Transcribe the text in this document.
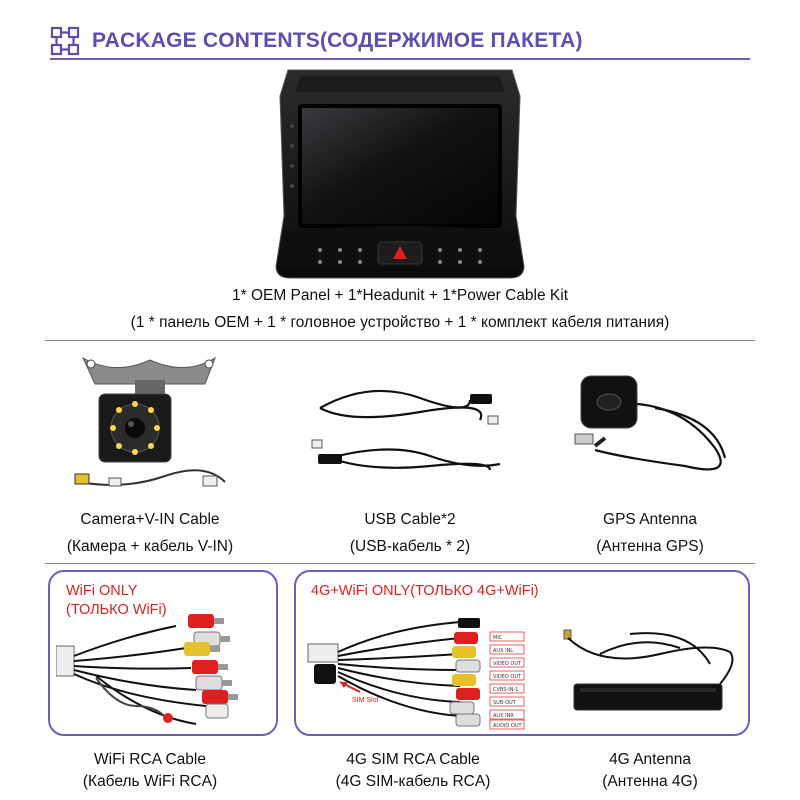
PACKAGE CONTENTS(СОДЕРЖИМОЕ ПАКЕТА)
1* OEM Panel + 1*Headunit + 1*Power Cable Kit
(1 * панель OEM + 1 * головное устройство + 1 * комплект кабеля питания)
Camera+V-IN Cable
(Камера + кабель V-IN)
USB Cable*2
(USB-кабель * 2)
GPS Antenna
(Антенна GPS)
WiFi ONLY
(ТОЛЬКО WiFi)
WiFi RCA Cable
(Кабель WiFi RCA)
4G+WiFi ONLY(ТОЛЬКО 4G+WiFi)
SIM Slot
MIC
AUX INL
VIDEO OUT
VIDEO OUT
CVBS-IN-1
SUB-OUT
AUX INR
AUDIO OUT
4G SIM RCA Cable
(4G SIM-кабель RCA)
4G Antenna
(Антенна 4G)
